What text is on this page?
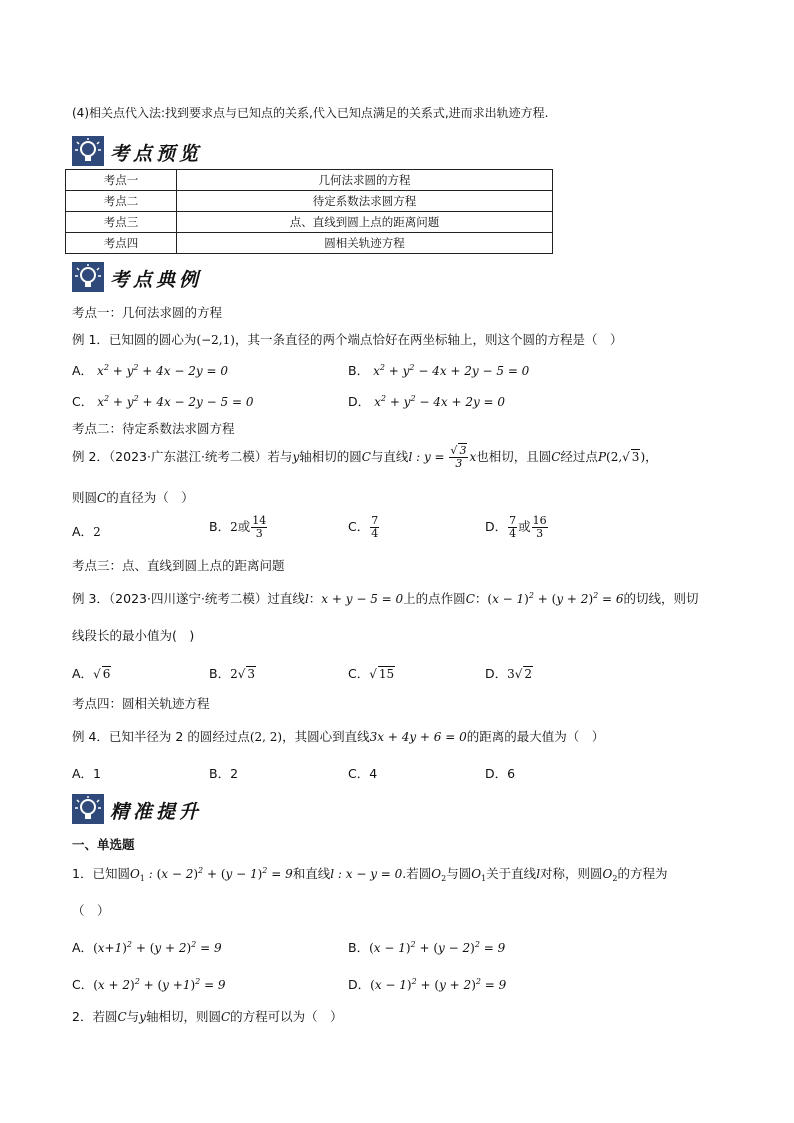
(4)相关点代入法:找到要求点与已知点的关系,代入已知点满足的关系式,进而求出轨迹方程.
考点预览
考点一	几何法求圆的方程
考点二	待定系数法求圆方程
考点三	点、直线到圆上点的距离问题
考点四	圆相关轨迹方程
考点典例
考点一：几何法求圆的方程
例 1．已知圆的圆心为(−2,1)，其一条直径的两个端点恰好在两坐标轴上，则这个圆的方程是（　）
A． $x^2 + y^2 + 4x - 2y = 0$	B． $x^2 + y^2 - 4x + 2y - 5 = 0$
C． $x^2 + y^2 + 4x - 2y - 5 = 0$	D． $x^2 + y^2 - 4x + 2y = 0$
考点二：待定系数法求圆方程
例 2．（2023·广东湛江·统考二模）若与y轴相切的圆C与直线l : $y = \frac{√ 3}{3}$ x也相切，且圆C经过点P(2,√ 3)，
则圆C的直径为（　）
A．2	B．2或 $\frac{14}{3}$	C． $\frac{7}{4}$	D． $\frac{7}{4}$ 或 $\frac{16}{3}$
考点三：点、直线到圆上点的距离问题
例 3．（2023·四川遂宁·统考二模）过直线l：x + y − 5 = 0上的点作圆C：$(x - 1)^2 + (y + 2)^2 = 6$的切线，则切
线段长的最小值为(　)
A．√ 6	B．2√ 3	C．√ 15	D．3√ 2
考点四：圆相关轨迹方程
例 4．已知半径为 2 的圆经过点(2, 2)，其圆心到直线3x + 4y + 6 = 0的距离的最大值为（　）
A．1	B．2	C．4	D．6
精准提升
一、单选题
1．已知圆$O_1$ : $(x - 2)^2 + (y - 1)^2 = 9$和直线l : x − y = 0.若圆$O_2$与圆$O_1$关于直线l对称，则圆$O_2$的方程为
（　）
A．$(x+1)^2 + (y + 2)^2 = 9$	B．$(x - 1)^2 + (y - 2)^2 = 9$
C．$(x + 2)^2 + (y +1)^2 = 9$	D．$(x - 1)^2 + (y + 2)^2 = 9$
2．若圆C与y轴相切，则圆C的方程可以为（　）
